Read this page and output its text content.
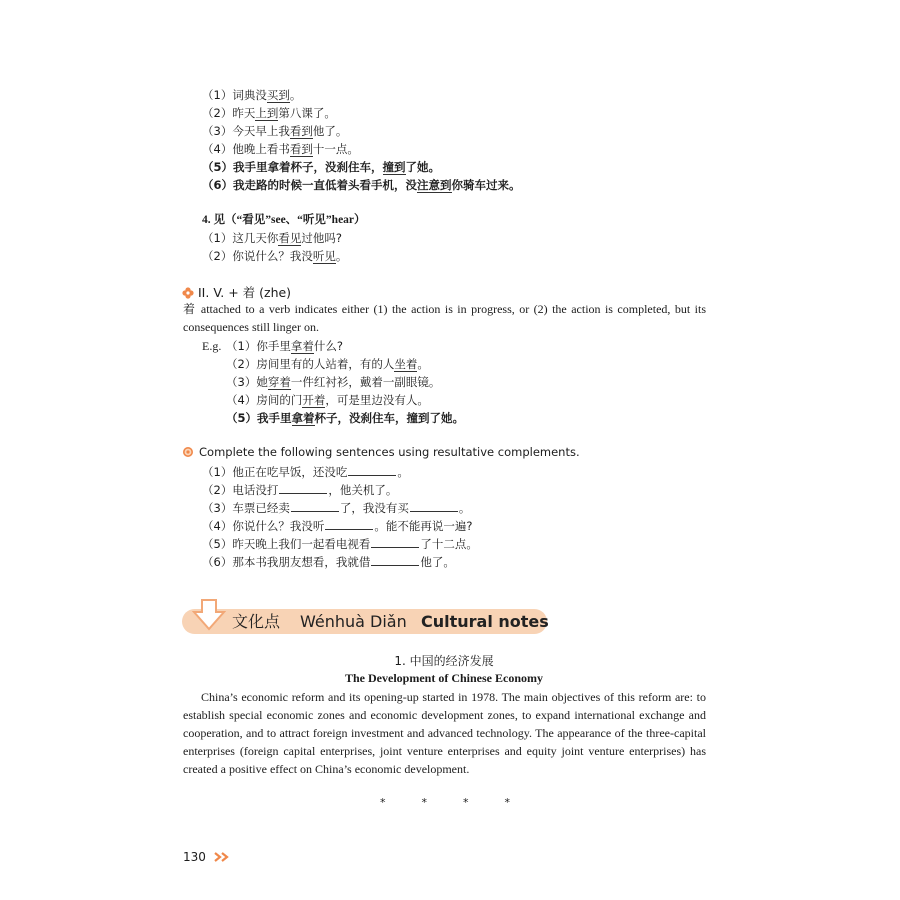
（1）词典没买到。
（2）昨天上到第八课了。
（3）今天早上我看到他了。
（4）他晚上看书看到十一点。
（5）我手里拿着杯子，没刹住车，撞到了她。
（6）我走路的时候一直低着头看手机，没注意到你骑车过来。
4. 见（“看见”see、“听见”hear）
（1）这几天你看见过他吗?
（2）你说什么？我没听见。
II. V. + 着 (zhe)
着 attached to a verb indicates either (1) the action is in progress, or (2) the action is completed, but its consequences still linger on.
E.g. （1）你手里拿着什么?
（2）房间里有的人站着，有的人坐着。
（3）她穿着一件红衬衫，戴着一副眼镜。
（4）房间的门开着，可是里边没有人。
（5）我手里拿着杯子，没刹住车，撞到了她。
Complete the following sentences using resultative complements.
（1）他正在吃早饭，还没吃	。
（2）电话没打	，他关机了。
（3）车票已经卖	了，我没有买	。
（4）你说什么？我没听	。能不能再说一遍?
（5）昨天晚上我们一起看电视看	了十二点。
（6）那本书我朋友想看，我就借	他了。
文化点 Wénhuà Diǎn Cultural notes
1. 中国的经济发展
The Development of Chinese Economy
China’s economic reform and its opening-up started in 1978. The main objectives of this reform are: to establish special economic zones and economic development zones, to expand international exchange and cooperation, and to attract foreign investment and advanced technology. The appearance of the three-capital enterprises (foreign capital enterprises, joint venture enterprises and equity joint venture enterprises) has created a positive effect on China’s economic development.
*	*	*	*
130
